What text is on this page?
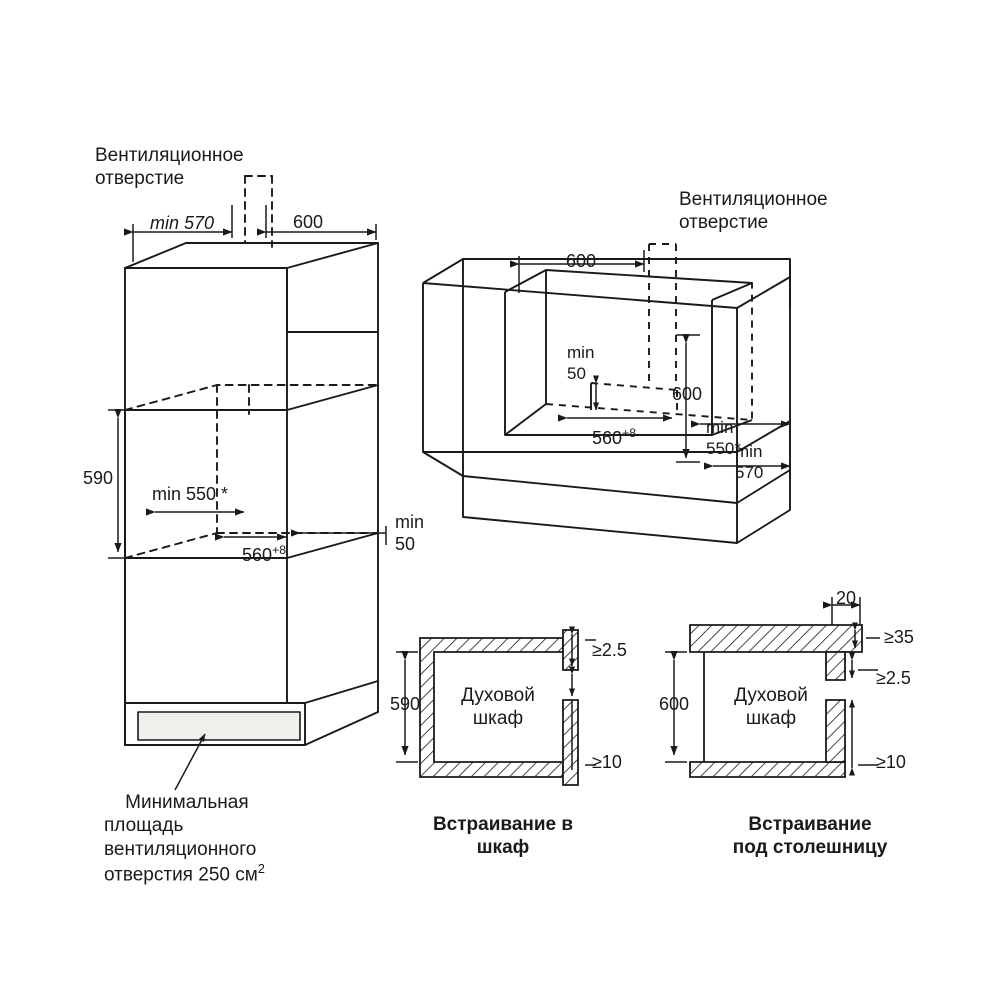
Вентиляционное
отверстие
min 570	600
590
min 550 *

$560^{+8}$

min
50

Минимальная
площадь
вентиляционного
отверстия 250 $см^2$

Вентиляционное
отверстие
600
min
50
600

$560^{+8}$
	min
550*
min
570
Духовой
шкаф
590
≥2.5
≥10
Встраивание в
шкаф
Духовой
шкаф
600
20
≥35
≥2.5
≥10
Встраивание
под столешницу
